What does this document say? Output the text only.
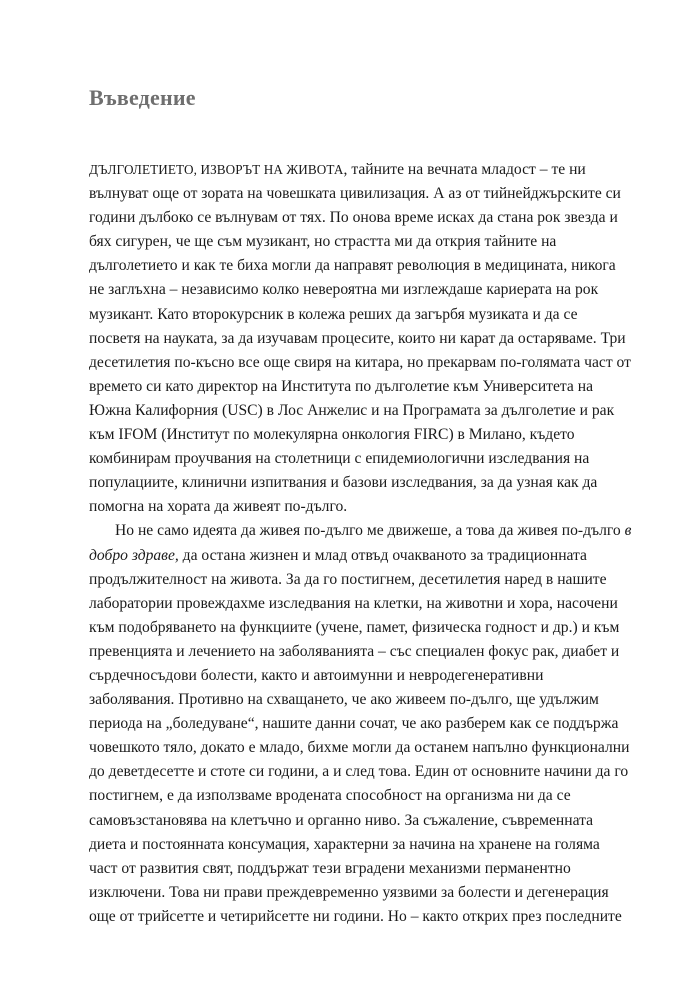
Въведение
ДЪЛГОЛЕТИЕТО, ИЗВОРЪТ НА ЖИВОТА, тайните на вечната младост – те ни
вълнуват още от зората на човешката цивилизация. А аз от тийнейджърските си
години дълбоко се вълнувам от тях. По онова време исках да стана рок звезда и
бях сигурен, че ще съм музикант, но страстта ми да открия тайните на
дълголетието и как те биха могли да направят революция в медицината, никога
не заглъхна – независимо колко невероятна ми изглеждаше кариерата на рок
музикант. Като второкурсник в колежа реших да загърбя музиката и да се
посветя на науката, за да изучавам процесите, които ни карат да остаряваме. Три
десетилетия по-късно все още свиря на китара, но прекарвам по-голямата част от
времето си като директор на Института по дълголетие към Университета на
Южна Калифорния (USC) в Лос Анжелис и на Програмата за дълголетие и рак
към IFOM (Институт по молекулярна онкология FIRC) в Милано, където
комбинирам проучвания на столетници с епидемиологични изследвания на
популациите, клинични изпитвания и базови изследвания, за да узная как да
помогна на хората да живеят по-дълго.
Но не само идеята да живея по-дълго ме движеше, а това да живея по-дълго в
добро здраве, да остана жизнен и млад отвъд очакваното за традиционната
продължителност на живота. За да го постигнем, десетилетия наред в нашите
лаборатории провеждахме изследвания на клетки, на животни и хора, насочени
към подобряването на функциите (учене, памет, физическа годност и др.) и към
превенцията и лечението на заболяванията – със специален фокус рак, диабет и
сърдечносъдови болести, както и автоимунни и невродегенеративни
заболявания. Противно на схващането, че ако живеем по-дълго, ще удължим
периода на „боледуване“, нашите данни сочат, че ако разберем как се поддържа
човешкото тяло, докато е младо, бихме могли да останем напълно функционални
до деветдесетте и стоте си години, а и след това. Един от основните начини да го
постигнем, е да използваме вродената способност на организма ни да се
самовъзстановява на клетъчно и органно ниво. За съжаление, съвременната
диета и постоянната консумация, характерни за начина на хранене на голяма
част от развития свят, поддържат тези вградени механизми перманентно
изключени. Това ни прави преждевременно уязвими за болести и дегенерация
още от трийсетте и четирийсетте ни години. Но – както открих през последните
